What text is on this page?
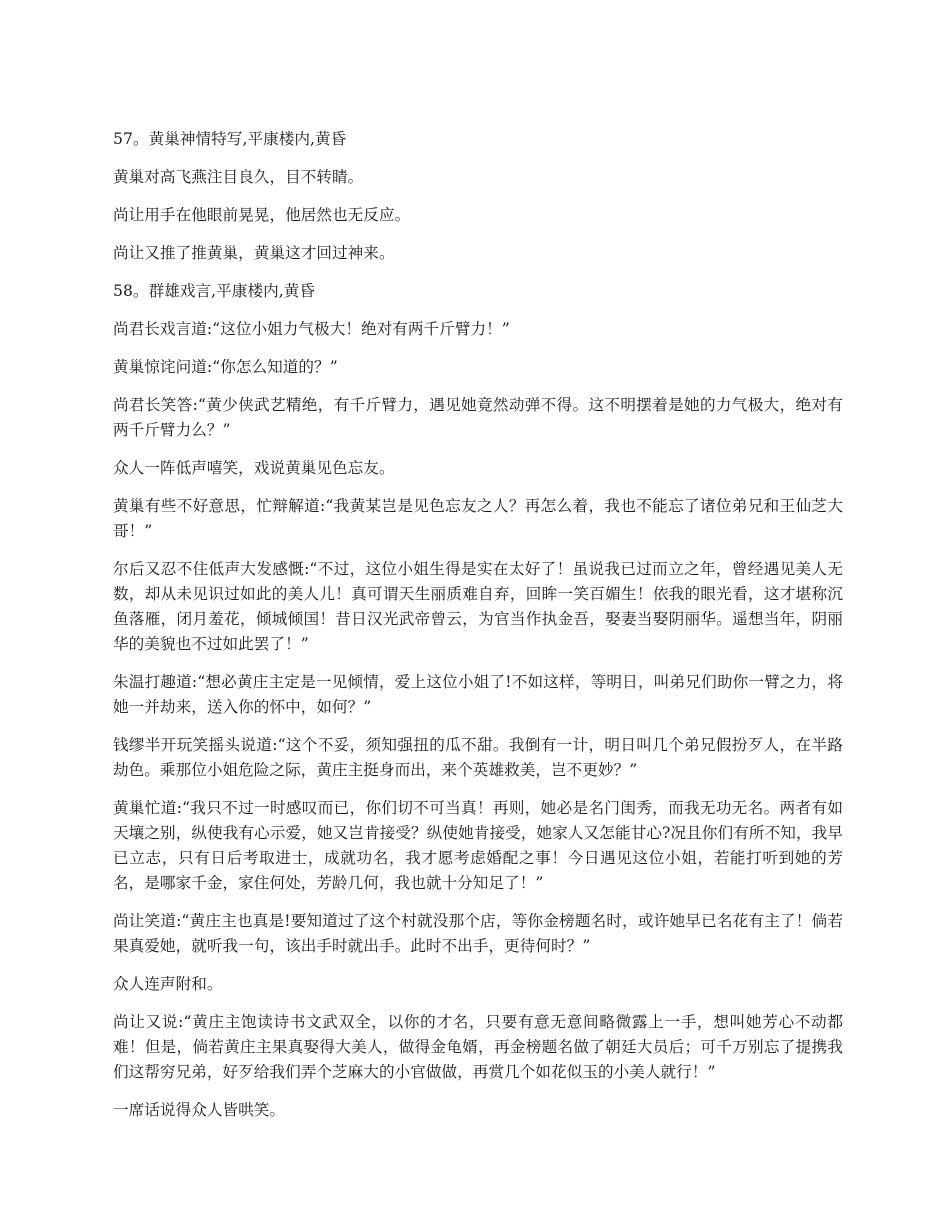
57。黄巢神情特写,平康楼内,黄昏

黄巢对高飞燕注目良久，目不转睛。

尚让用手在他眼前晃晃，他居然也无反应。

尚让又推了推黄巢，黄巢这才回过神来。

58。群雄戏言,平康楼内,黄昏

尚君长戏言道:“这位小姐力气极大！绝对有两千斤臂力！”

黄巢惊诧问道:“你怎么知道的？”

尚君长笑答:“黄少侠武艺精绝，有千斤臂力，遇见她竟然动弹不得。这不明摆着是她的力气极大，绝对有两千斤臂力么？”

众人一阵低声嘻笑，戏说黄巢见色忘友。

黄巢有些不好意思，忙辩解道:“我黄某岂是见色忘友之人？再怎么着，我也不能忘了诸位弟兄和王仙芝大哥！”

尔后又忍不住低声大发感慨:“不过，这位小姐生得是实在太好了！虽说我已过而立之年，曾经遇见美人无数，却从未见识过如此的美人儿！真可谓天生丽质难自弃，回眸一笑百媚生！依我的眼光看，这才堪称沉鱼落雁，闭月羞花，倾城倾国！昔日汉光武帝曾云，为官当作执金吾，娶妻当娶阴丽华。遥想当年，阴丽华的美貌也不过如此罢了！”

朱温打趣道:“想必黄庄主定是一见倾情，爱上这位小姐了!不如这样，等明日，叫弟兄们助你一臂之力，将她一并劫来，送入你的怀中，如何？”

钱缪半开玩笑摇头说道:“这个不妥，须知强扭的瓜不甜。我倒有一计，明日叫几个弟兄假扮歹人，在半路劫色。乘那位小姐危险之际，黄庄主挺身而出，来个英雄救美，岂不更妙？”

黄巢忙道:“我只不过一时感叹而已，你们切不可当真！再则，她必是名门闺秀，而我无功无名。两者有如天壤之别，纵使我有心示爱，她又岂肯接受？纵使她肯接受，她家人又怎能甘心?况且你们有所不知，我早已立志，只有日后考取进士，成就功名，我才愿考虑婚配之事！今日遇见这位小姐，若能打听到她的芳名，是哪家千金，家住何处，芳龄几何，我也就十分知足了！”

尚让笑道:“黄庄主也真是!要知道过了这个村就没那个店，等你金榜题名时，或许她早已名花有主了！倘若果真爱她，就听我一句，该出手时就出手。此时不出手，更待何时？”

众人连声附和。

尚让又说:“黄庄主饱读诗书文武双全，以你的才名，只要有意无意间略微露上一手，想叫她芳心不动都难！但是，倘若黄庄主果真娶得大美人，做得金龟婿，再金榜题名做了朝廷大员后；可千万别忘了提携我们这帮穷兄弟，好歹给我们弄个芝麻大的小官做做，再赏几个如花似玉的小美人就行！”

一席话说得众人皆哄笑。
